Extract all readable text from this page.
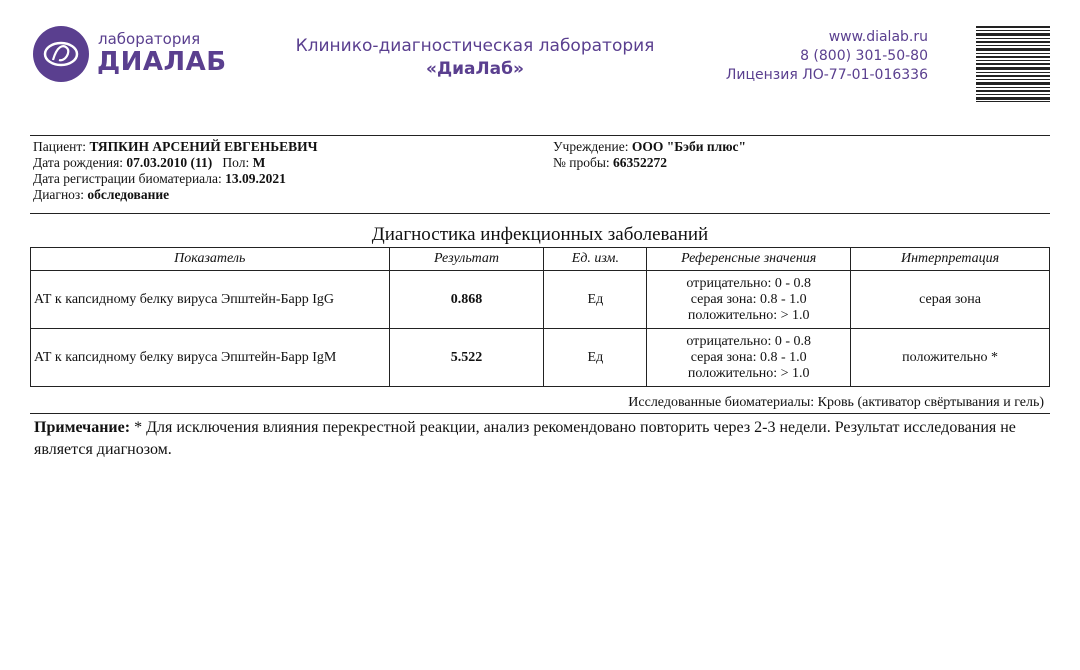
лаборатория
ДИАЛАБ
Клинико-диагностическая лаборатория
«ДиаЛаб»
www.dialab.ru
8 (800) 301-50-80
Лицензия ЛО-77-01-016336
Пациент: ТЯПКИН АРСЕНИЙ ЕВГЕНЬЕВИЧ
Дата рождения: 07.03.2010 (11) Пол: М
Дата регистрации биоматериала: 13.09.2021
Диагноз: обследование
Учреждение: ООО "Бэби плюс"
№ пробы: 66352272
Диагностика инфекционных заболеваний
Показатель	Результат	Ед. изм.	Референсные значения	Интерпретация
АТ к капсидному белку вируса Эпштейн-Барр IgG	0.868	Ед	отрицательно: 0 - 0.8
серая зона: 0.8 - 1.0
положительно: > 1.0	серая зона
АТ к капсидному белку вируса Эпштейн-Барр IgM	5.522	Ед	отрицательно: 0 - 0.8
серая зона: 0.8 - 1.0
положительно: > 1.0	положительно *
Исследованные биоматериалы: Кровь (активатор свёртывания и гель)
Примечание: * Для исключения влияния перекрестной реакции, анализ рекомендовано повторить через 2-3 недели. Результат исследования не является диагнозом.
